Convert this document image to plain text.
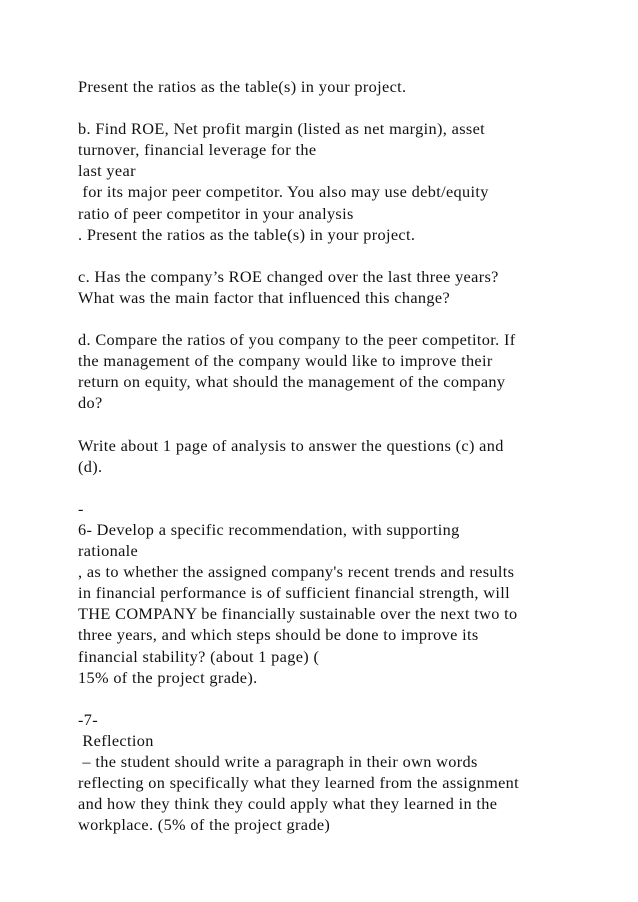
Present the ratios as the table(s) in your project.
b. Find ROE, Net profit margin (listed as net margin), asset
turnover, financial leverage for the
last year
for its major peer competitor. You also may use debt/equity
ratio of peer competitor in your analysis
. Present the ratios as the table(s) in your project.
c. Has the company’s ROE changed over the last three years?
What was the main factor that influenced this change?
d. Compare the ratios of you company to the peer competitor. If
the management of the company would like to improve their
return on equity, what should the management of the company
do?
Write about 1 page of analysis to answer the questions (c) and
(d).
-
6- Develop a specific recommendation, with supporting
rationale
, as to whether the assigned company's recent trends and results
in financial performance is of sufficient financial strength, will
THE COMPANY be financially sustainable over the next two to
three years, and which steps should be done to improve its
financial stability? (about 1 page) (
15% of the project grade).
-7-
Reflection
– the student should write a paragraph in their own words
reflecting on specifically what they learned from the assignment
and how they think they could apply what they learned in the
workplace. (5% of the project grade)
